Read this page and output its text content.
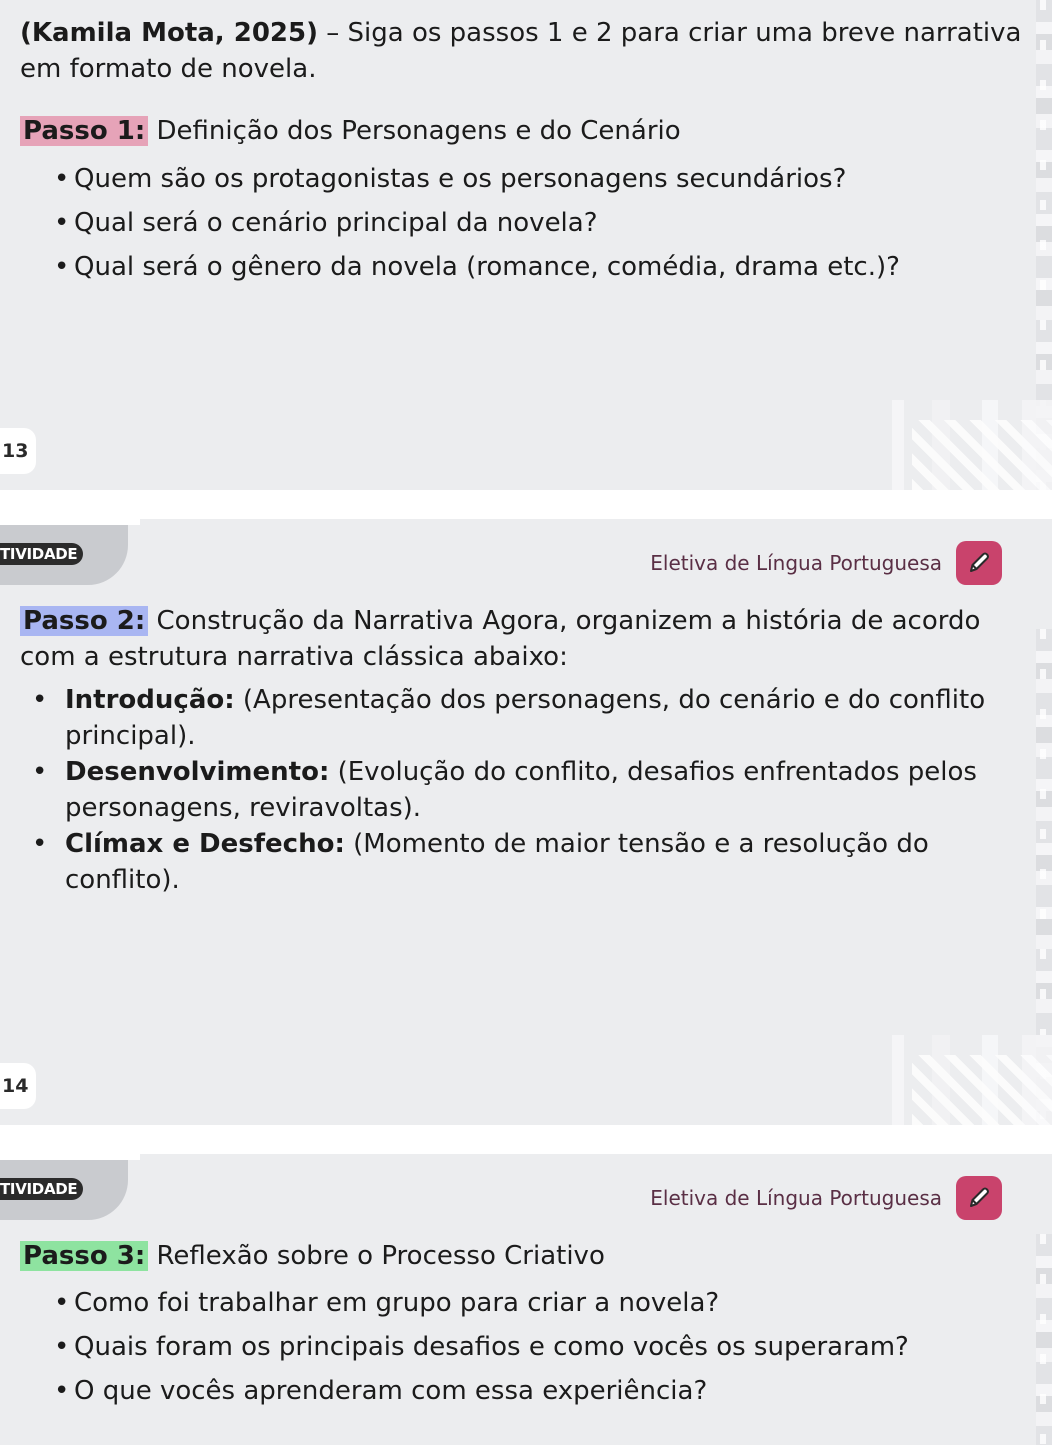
(Kamila Mota, 2025) – Siga os passos 1 e 2 para criar uma breve narrativa em formato de novela.
Passo 1: Definição dos Personagens e do Cenário
• Quem são os protagonistas e os personagens secundários?
• Qual será o cenário principal da novela?
• Qual será o gênero da novela (romance, comédia, drama etc.)?
13
TIVIDADE	Eletiva de Língua Portuguesa
Passo 2: Construção da Narrativa Agora, organizem a história de acordo com a estrutura narrativa clássica abaixo:
• Introdução: (Apresentação dos personagens, do cenário e do conflito principal).
• Desenvolvimento: (Evolução do conflito, desafios enfrentados pelos personagens, reviravoltas).
• Clímax e Desfecho: (Momento de maior tensão e a resolução do conflito).
14
TIVIDADE	Eletiva de Língua Portuguesa
Passo 3: Reflexão sobre o Processo Criativo
• Como foi trabalhar em grupo para criar a novela?
• Quais foram os principais desafios e como vocês os superaram?
• O que vocês aprenderam com essa experiência?
